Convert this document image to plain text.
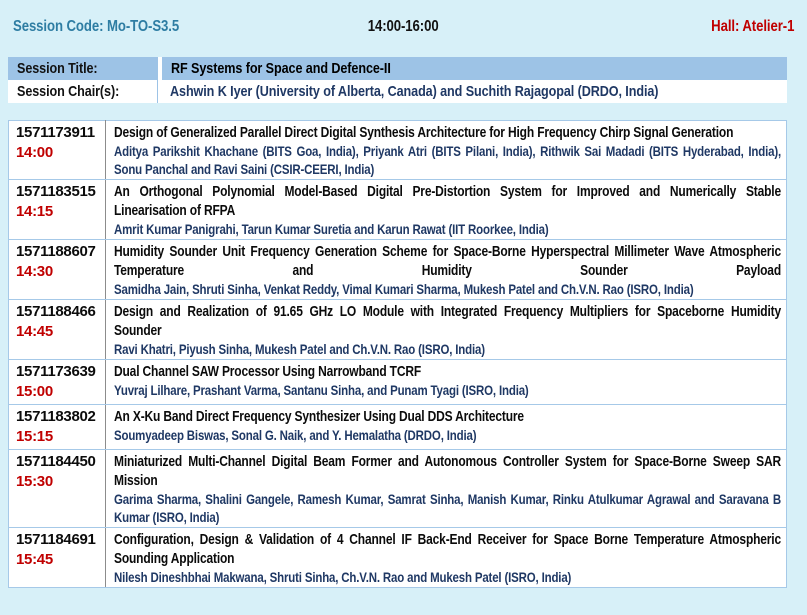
Session Code: Mo-TO-S3.5	14:00-16:00	Hall: Atelier-1
Session Title:	RF Systems for Space and Defence-II
Session Chair(s):	Ashwin K Iyer (University of Alberta, Canada) and Suchith Rajagopal (DRDO, India)
1571173911
14:00

Design of Generalized Parallel Direct Digital Synthesis Architecture for High Frequency Chirp Signal Generation
Aditya Parikshit Khachane (BITS Goa, India), Priyank Atri (BITS Pilani, India), Rithwik Sai Madadi (BITS Hyderabad, India), Sonu Panchal and Ravi Saini (CSIR-CEERI, India)

1571183515
14:15

An Orthogonal Polynomial Model-Based Digital Pre-Distortion System for Improved and Numerically Stable Linearisation of RFPA
Amrit Kumar Panigrahi, Tarun Kumar Suretia and Karun Rawat (IIT Roorkee, India)

1571188607
14:30

Humidity Sounder Unit Frequency Generation Scheme for Space-Borne Hyperspectral Millimeter Wave Atmospheric Temperature and Humidity Sounder Payload
Samidha Jain, Shruti Sinha, Venkat Reddy, Vimal Kumari Sharma, Mukesh Patel and Ch.V.N. Rao (ISRO, India)

1571188466
14:45

Design and Realization of 91.65 GHz LO Module with Integrated Frequency Multipliers for Spaceborne Humidity Sounder
Ravi Khatri, Piyush Sinha, Mukesh Patel and Ch.V.N. Rao (ISRO, India)

1571173639
15:00

Dual Channel SAW Processor Using Narrowband TCRF
Yuvraj Lilhare, Prashant Varma, Santanu Sinha, and Punam Tyagi (ISRO, India)

1571183802
15:15

An X-Ku Band Direct Frequency Synthesizer Using Dual DDS Architecture
Soumyadeep Biswas, Sonal G. Naik, and Y. Hemalatha (DRDO, India)

1571184450
15:30

Miniaturized Multi-Channel Digital Beam Former and Autonomous Controller System for Space-Borne Sweep SAR Mission
Garima Sharma, Shalini Gangele, Ramesh Kumar, Samrat Sinha, Manish Kumar, Rinku Atulkumar Agrawal and Saravana B Kumar (ISRO, India)

1571184691
15:45

Configuration, Design & Validation of 4 Channel IF Back-End Receiver for Space Borne Temperature Atmospheric Sounding Application
Nilesh Dineshbhai Makwana, Shruti Sinha, Ch.V.N. Rao and Mukesh Patel (ISRO, India)
